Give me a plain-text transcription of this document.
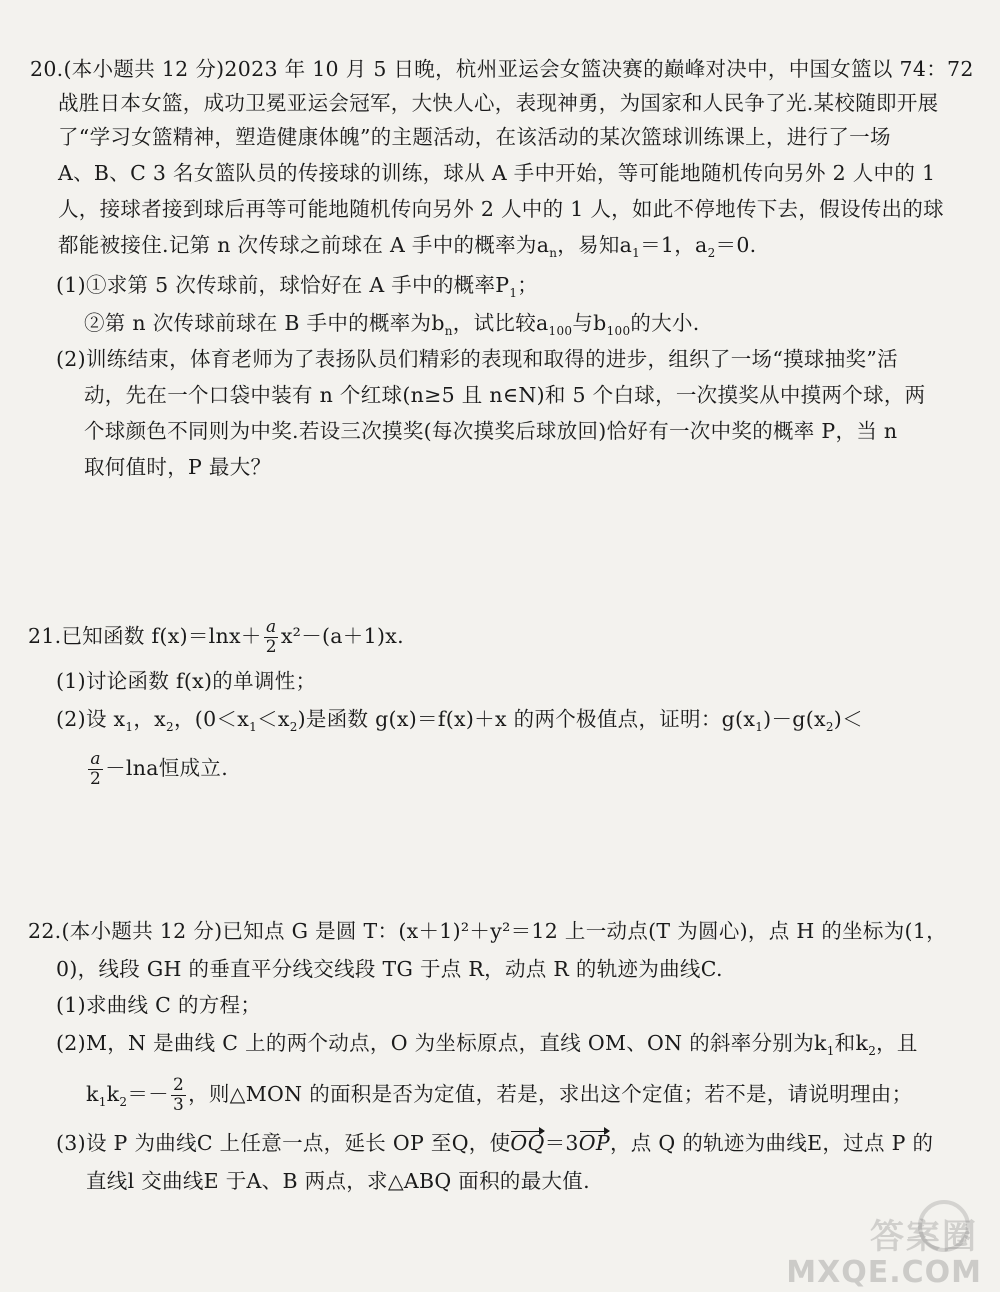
20.(本小题共 12 分)2023 年 10 月 5 日晚，杭州亚运会女篮决赛的巅峰对决中，中国女篮以 74：72
战胜日本女篮，成功卫冕亚运会冠军，大快人心，表现神勇，为国家和人民争了光.某校随即开展
了“学习女篮精神，塑造健康体魄”的主题活动，在该活动的某次篮球训练课上，进行了一场
A、B、C 3 名女篮队员的传接球的训练，球从 A 手中开始，等可能地随机传向另外 2 人中的 1
人，接球者接到球后再等可能地随机传向另外 2 人中的 1 人，如此不停地传下去，假设传出的球
都能被接住.记第 n 次传球之前球在 A 手中的概率为$a_n$，易知$a_1=1$，$a_2=0$.
(1)①求第 5 次传球前，球恰好在 A 手中的概率$P_1$；
②第 n 次传球前球在 B 手中的概率为$b_n$，试比较$a_{100}$与$b_{100}$的大小.
(2)训练结束，体育老师为了表扬队员们精彩的表现和取得的进步，组织了一场“摸球抽奖”活
动，先在一个口袋中装有 n 个红球(n≥5 且 n∈N)和 5 个白球，一次摸奖从中摸两个球，两
个球颜色不同则为中奖.若设三次摸奖(每次摸奖后球放回)恰好有一次中奖的概率 P，当 n
取何值时，P 最大？
21.已知函数 $f(x)=\ln x+ \frac{a}{2} x^2-(a+1)x$.
(1)讨论函数 f(x)的单调性；
(2)设 $x_1$，$x_2$，$(0<x_1<x_2)$是函数 g(x)＝f(x)＋x 的两个极值点，证明：$g(x_1)-g(x_2)<$
$\frac{a}{2} -\ln a$恒成立.
22.(本小题共 12 分)已知点 G 是圆 T：(x＋1)²＋y²＝12 上一动点(T 为圆心)，点 H 的坐标为(1，
0)，线段 GH 的垂直平分线交线段 TG 于点 R，动点 R 的轨迹为曲线C.
(1)求曲线 C 的方程；
(2)M，N 是曲线 C 上的两个动点，O 为坐标原点，直线 OM、ON 的斜率分别为$k_1$和$k_2$，且
$k_1k_2=- \frac{2}{3}$ ，则△MON 的面积是否为定值，若是，求出这个定值；若不是，请说明理由；
(3)设 P 为曲线C 上任意一点，延长 OP 至Q，使OQ＝3OP，点 Q 的轨迹为曲线E，过点 P 的
直线l 交曲线E 于A、B 两点，求△ABQ 面积的最大值.
答案圈
MXQE.COM
